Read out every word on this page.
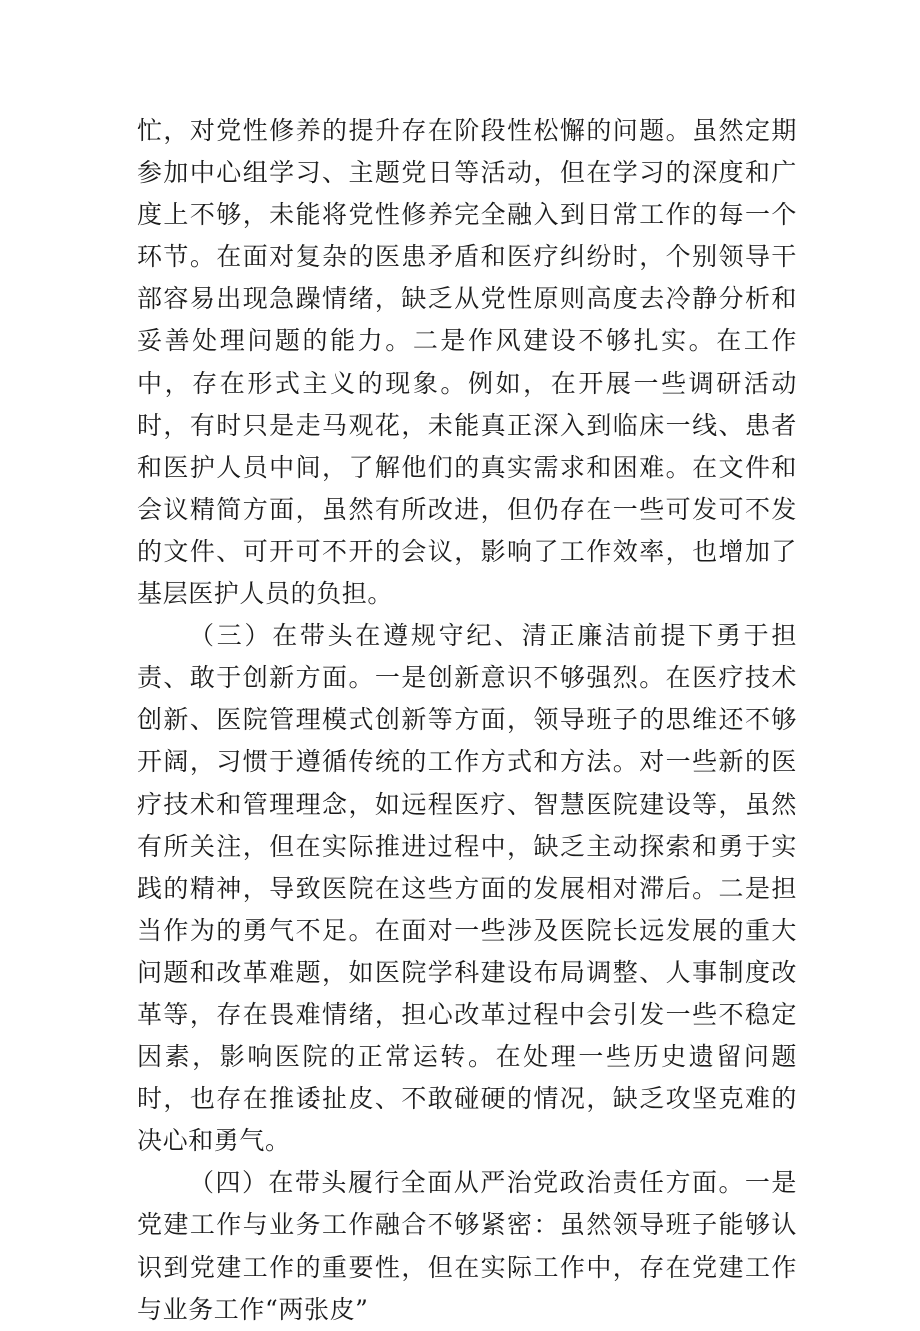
忙，对党性修养的提升存在阶段性松懈的问题。虽然定期参加中心组学习、主题党日等活动，但在学习的深度和广度上不够，未能将党性修养完全融入到日常工作的每一个环节。在面对复杂的医患矛盾和医疗纠纷时，个别领导干部容易出现急躁情绪，缺乏从党性原则高度去冷静分析和妥善处理问题的能力。二是作风建设不够扎实。在工作中，存在形式主义的现象。例如，在开展一些调研活动时，有时只是走马观花，未能真正深入到临床一线、患者和医护人员中间，了解他们的真实需求和困难。在文件和会议精简方面，虽然有所改进，但仍存在一些可发可不发的文件、可开可不开的会议，影响了工作效率，也增加了基层医护人员的负担。

（三）在带头在遵规守纪、清正廉洁前提下勇于担责、敢于创新方面。一是创新意识不够强烈。在医疗技术创新、医院管理模式创新等方面，领导班子的思维还不够开阔，习惯于遵循传统的工作方式和方法。对一些新的医疗技术和管理理念，如远程医疗、智慧医院建设等，虽然有所关注，但在实际推进过程中，缺乏主动探索和勇于实践的精神，导致医院在这些方面的发展相对滞后。二是担当作为的勇气不足。在面对一些涉及医院长远发展的重大问题和改革难题，如医院学科建设布局调整、人事制度改革等，存在畏难情绪，担心改革过程中会引发一些不稳定因素，影响医院的正常运转。在处理一些历史遗留问题时，也存在推诿扯皮、不敢碰硬的情况，缺乏攻坚克难的决心和勇气。

（四）在带头履行全面从严治党政治责任方面。一是党建工作与业务工作融合不够紧密：虽然领导班子能够认识到党建工作的重要性，但在实际工作中，存在党建工作与业务工作“两张皮”
